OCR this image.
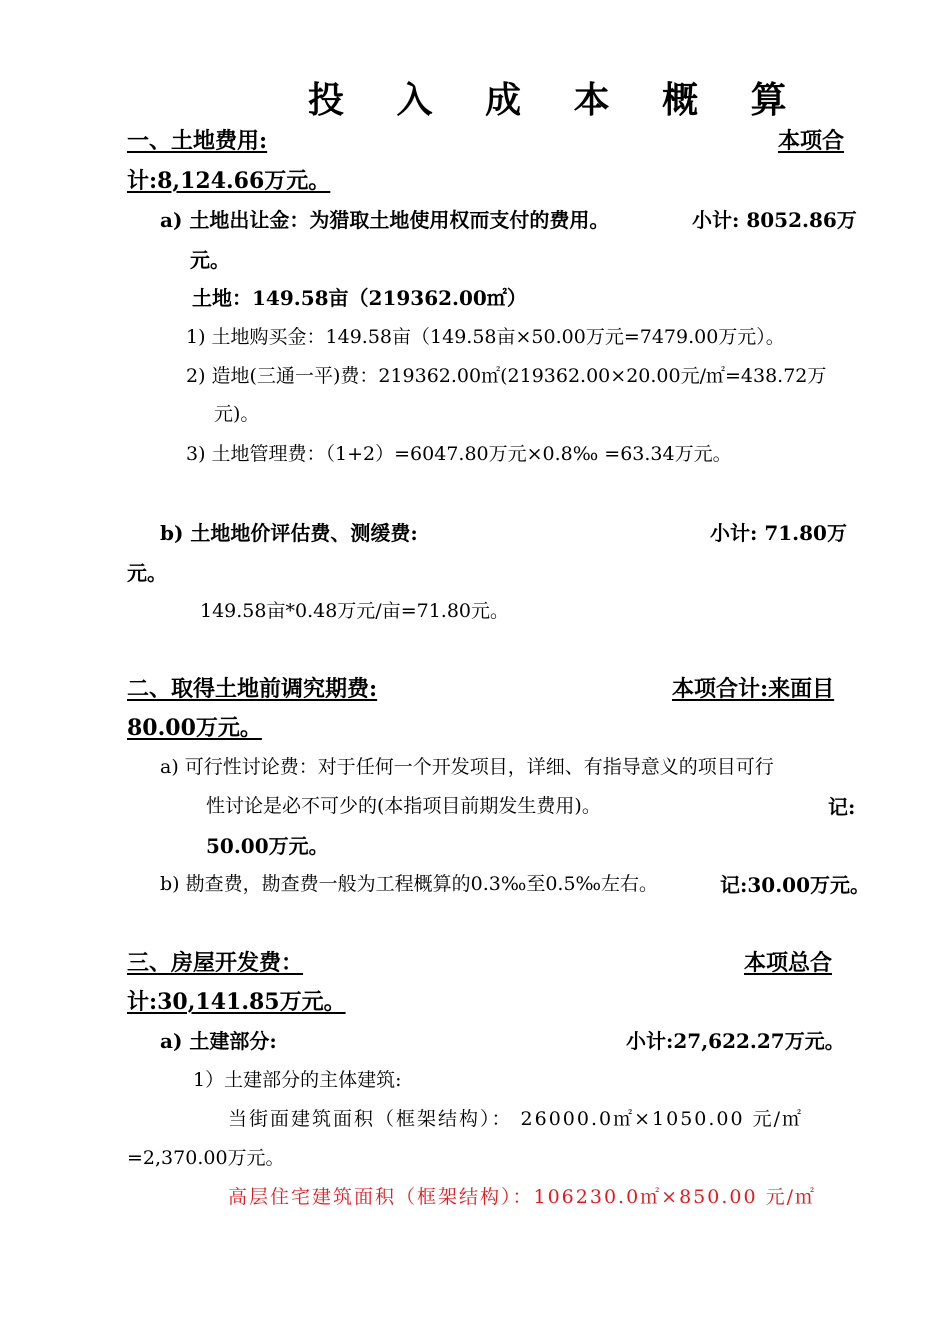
投 入 成 本 概 算
一、土地费用:	本项合
计:8,124.66万元。
a) 土地出让金：为猎取土地使用权而支付的费用。	小计: 8052.86万
元。
土地：149.58亩（219362.00㎡）
1) 土地购买金：149.58亩（149.58亩×50.00万元=7479.00万元）。
2) 造地(三通一平)费：219362.00㎡(219362.00×20.00元/㎡=438.72万
元)。
3) 土地管理费：（1+2）=6047.80万元×0.8‰ =63.34万元。
b) 土地地价评估费、测缓费:	小计: 71.80万
元。
149.58亩*0.48万元/亩=71.80元。
二、取得土地前调究期费:	本项合计:来面目
80.00万元。
a) 可行性讨论费：对于任何一个开发项目，详细、有指导意义的项目可行
性讨论是必不可少的(本指项目前期发生费用)。	记:
50.00万元。
b) 勘查费，勘查费一般为工程概算的0.3‰至0.5‰左右。	记:30.00万元。
三、房屋开发费：	本项总合
计:30,141.85万元。
a) 土建部分:	小计:27,622.27万元。
1）土建部分的主体建筑:
当街面建筑面积（框架结构）： 26000.0㎡×1050.00 元/㎡
=2,370.00万元。
高层住宅建筑面积（框架结构）：106230.0㎡×850.00 元/㎡
